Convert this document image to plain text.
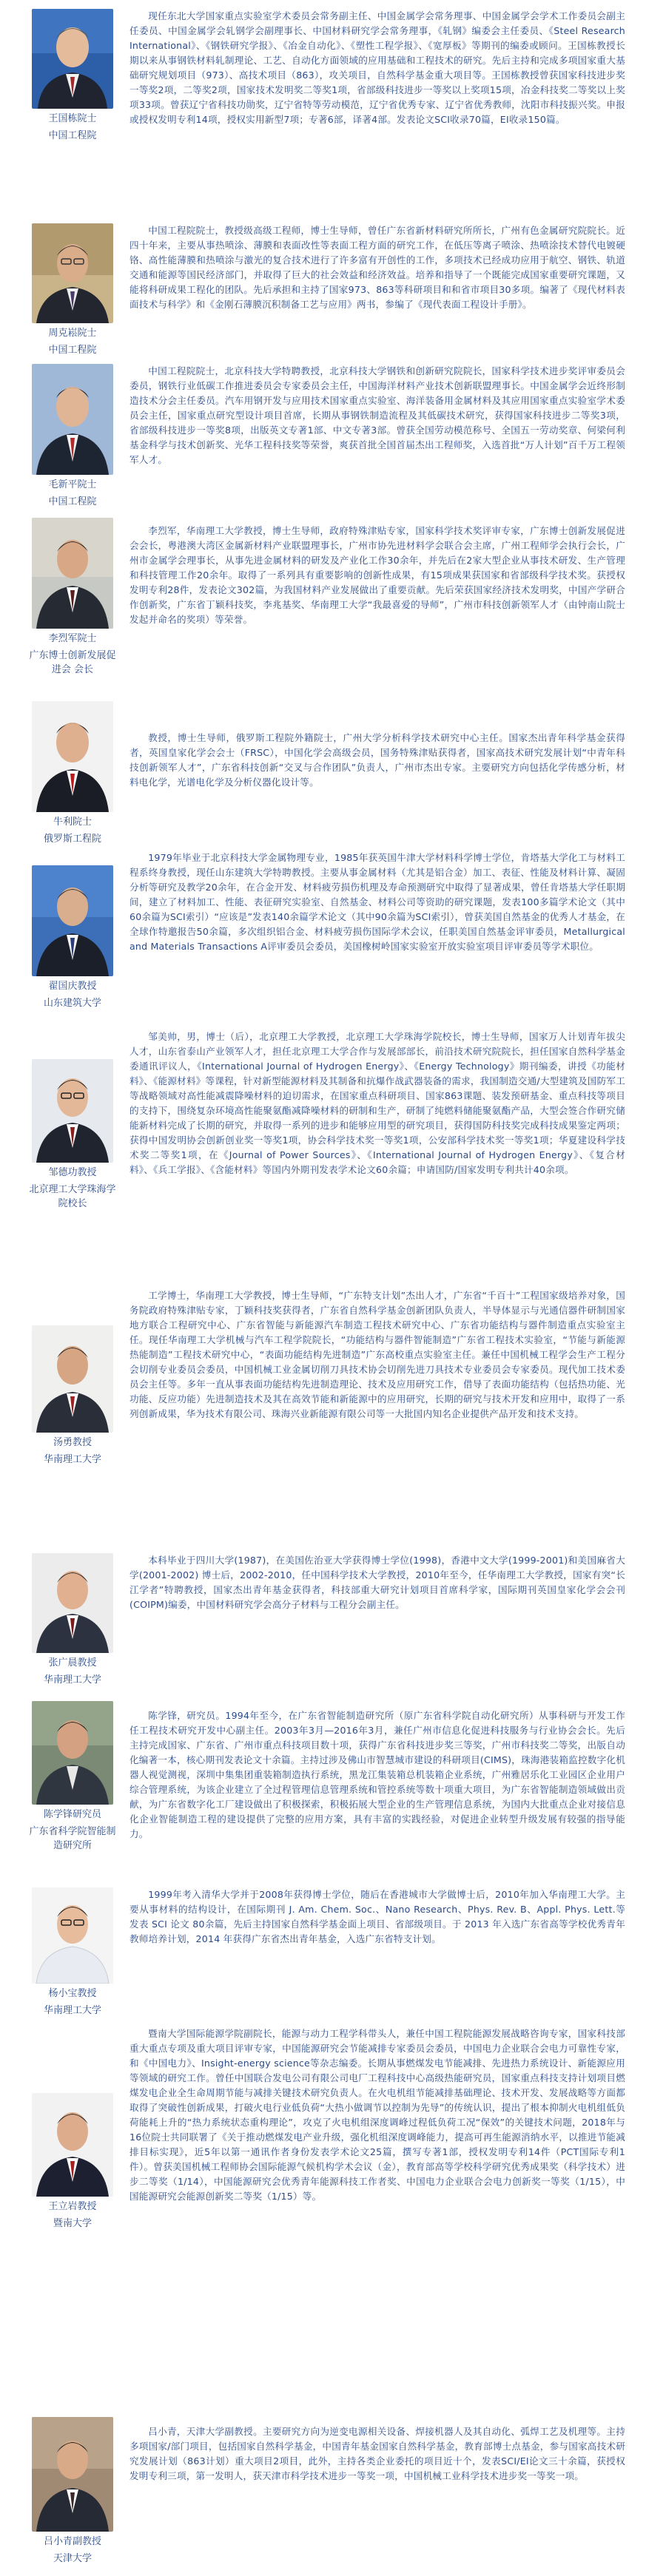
王国栋院士
中国工程院

现任东北大学国家重点实验室学术委员会常务副主任、中国金属学会常务理事、中国金属学会学术工作委员会副主任委员、中国金属学会轧钢学会副理事长、中国材料研究学会常务理事，《轧钢》编委会主任委员、《Steel Research International》、《钢铁研究学报》、《冶金自动化》、《塑性工程学报》、《宽厚板》等期刊的编委或顾问。王国栋教授长期以来从事钢铁材料轧制理论、工艺、自动化方面领域的应用基础和工程技术的研究。先后主持和完成多项国家重大基础研究规划项目（973）、高技术项目（863），攻关项目，自然科学基金重大项目等。王国栋教授曾获国家科技进步奖一等奖2项，二等奖2项，国家技术发明奖二等奖1项，省部级科技进步一等奖以上奖项15项，冶金科技奖二等奖以上奖项33项。曾获辽宁省科技功勋奖，辽宁省特等劳动模范，辽宁省优秀专家、辽宁省优秀教师，沈阳市科技振兴奖。申报或授权发明专利14项，授权实用新型7项；专著6部，译著4部。发表论文SCI收录70篇，EI收录150篇。

周克崧院士
中国工程院

中国工程院院士，教授级高级工程师，博士生导师，曾任广东省新材料研究所所长，广州有色金属研究院院长。近四十年来，主要从事热喷涂、薄膜和表面改性等表面工程方面的研究工作，在低压等离子喷涂、热喷涂技术替代电镀硬铬、高性能薄膜和热喷涂与激光的复合技术进行了许多富有开创性的工作，多项技术已经成功应用于航空、钢铁、轨道交通和能源等国民经济部门，并取得了巨大的社会效益和经济效益。培养和指导了一个既能完成国家重要研究课题，又能将科研成果工程化的团队。先后承担和主持了国家973、863等科研项目和和省市项目30多项。编著了《现代材料表面技术与科学》和《金刚石薄膜沉积制备工艺与应用》两书，参编了《现代表面工程设计手册》。

毛新平院士
中国工程院

中国工程院院士，北京科技大学特聘教授，北京科技大学钢铁和创新研究院院长，国家科学技术进步奖评审委员会委员，钢铁行业低碳工作推进委员会专家委员会主任，中国海洋材料产业技术创新联盟理事长。中国金属学会近终形制造技术分会主任委员。汽车用钢开发与应用技术国家重点实验室、海洋装备用金属材料及其应用国家重点实验室学术委员会主任，国家重点研究型设计项目首席，长期从事钢铁制造流程及其低碳技术研究，获得国家科技进步二等奖3项，省部级科技进步一等奖8项，出版英文专著1部、中文专著3部。曾获全国劳动模范称号、全国五一劳动奖章、何梁何利基金科学与技术创新奖、光华工程科技奖等荣誉，爽获首批全国首届杰出工程师奖，入选首批“万人计划”百千万工程领军人才。

李烈军院士
广东博士创新发展促进会 会长

李烈军，华南理工大学教授，博士生导师，政府特殊津贴专家，国家科学技术奖评审专家，广东博士创新发展促进会会长，粤港澳大湾区金属新材料产业联盟理事长，广州市协先进材料学会联合会主席，广州工程师学会执行会长，广州市金属学会理事长，从事先进金属材料的研发及产业化工作30余年，并先后在2家大型企业从事技术研发、生产管理和科技管理工作20余年。取得了一系列具有重要影响的创新性成果，有15项成果获国家和省部级科学技术奖。获授权发明专利28件，发表论文302篇，为我国材料产业发展做出了重要贡献。先后荣获国家经济技术发明奖，中国产学研合作创新奖，广东省丁颖科技奖，李兆基奖、华南理工大学“我最喜爱的导师”，广州市科技创新领军人才（由钟南山院士发起并命名的奖项）等荣誉。

牛利院士
俄罗斯工程院

教授，博士生导师，俄罗斯工程院外籍院士，广州大学分析科学技术研究中心主任。国家杰出青年科学基金获得者，英国皇家化学会会士（FRSC），中国化学会高级会员，国务特殊津贴获得者，国家高技术研究发展计划“中青年科技创新领军人才”，广东省科技创新“交叉与合作团队”负责人，广州市杰出专家。主要研究方向包括化学传感分析，材料电化学，光谱电化学及分析仪器化设计等。

翟国庆教授
山东建筑大学

1979年毕业于北京科技大学金属物理专业，1985年获英国牛津大学材料科学博士学位，肯塔基大学化工与材料工程系终身教授，现任山东建筑大学特聘教授。主要从事金属材料（尤其是铝合金）加工、表征、性能及材料计算、凝固分析等研究及教学20余年，在合金开发、材料疲劳损伤机理及寿命预测研究中取得了显著成果，曾任肯塔基大学任职期间，建立了材料加工、性能、表征研究实验室、自然基金、材料公司等资助的研究课题，发表100多篇学术论文（其中60余篇为SCI索引）“应该是”发表140余篇学术论文（其中90余篇为SCI索引），曾获美国自然基金的优秀人才基金，在全球作特邀报告50余篇，多次组织铝合金、材料疲劳损伤国际学术会议，任职美国自然基金评审委员，Metallurgical and Materials Transactions A评审委员会委员，美国橡树岭国家实验室开放实验室项目评审委员等学术职位。

邹德功教授
北京理工大学珠海学院校长

邹美帅，男，博士（后），北京理工大学教授，北京理工大学珠海学院校长，博士生导师，国家万人计划青年拔尖人才，山东省泰山产业领军人才，担任北京理工大学合作与发展部部长，前沿技术研究院院长，担任国家自然科学基金委通讯评议人，《International Journal of Hydrogen Energy》、《Energy Technology》期刊编委，讲授《功能材料》、《能源材料》等课程，针对新型能源材料及其制备和抗爆作战武器装备的需求，我国制造交通/大型建筑及国防军工等战略领域对高性能减震降噪材料的迫切需求，在国家重点科研项目、国家863课题、装发预研基金、重点科技等项目的支持下，围绕复杂环境高性能聚氨酯减降噪材料的研制和生产，研制了纯燃料储能聚氨酯产品，大型会签合作研究储能新材料完成了长期的研究，并取得一系列的进步和能够应用型的研究项目，获得国防科技奖完成科技成果鉴定两项；获得中国发明协会创新创业奖一等奖1项，协会科学技术奖一等奖1项，公安部科学技术奖一等奖1项；华夏建设科学技术奖二等奖1项，在《Journal of Power Sources》、《International Journal of Hydrogen Energy》、《复合材料》、《兵工学报》、《含能材料》等国内外期刊发表学术论文60余篇；申请国防/国家发明专利共计40余项。

汤勇教授
华南理工大学

工学博士，华南理工大学教授，博士生导师，“广东特支计划”杰出人才，广东省“千百十”工程国家级培养对象，国务院政府特殊津贴专家，丁颖科技奖获得者，广东省自然科学基金创新团队负责人，半导体显示与光通信器件研制国家地方联合工程研究中心、广东省智能与新能源汽车制造工程技术研究中心、广东省功能结构与器件制造重点实验室主任。现任华南理工大学机械与汽车工程学院院长，“功能结构与器件智能制造”广东省工程技术实验室，“节能与新能源热能制造”工程技术研究中心，“表面功能结构先进制造”广东高校重点实验室主任。兼任中国机械工程学会生产工程分会切削专业委员会委员，中国机械工业金属切削刀具技术协会切削先进刀具技术专业委员会专家委员。现代加工技术委员会主任等。多年一直从事表面功能结构先进制造理论、技术及应用研究工作，借导了表面功能结构（包括热功能、光功能、反应功能）先进制造技术及其在高效节能和新能源中的应用研究，长期的研究与技术开发和应用中，取得了一系列创新成果，华为技术有限公司、珠海兴业新能源有限公司等一大批国内知名企业提供产品开发和技术支持。

张广晨教授
华南理工大学

本科毕业于四川大学(1987)，在美国佐治亚大学获得博士学位(1998)，香港中文大学(1999-2001)和美国麻省大学(2001-2002) 博士后，2002-2010，任中国科学技术大学教授，2010年至今，任华南理工大学教授，国家有突“长江学者”特聘教授，国家杰出青年基金获得者，科技部重大研究计划项目首席科学家，国际期刊英国皇家化学会会刊(COIPM)编委，中国材料研究学会高分子材料与工程分会副主任。

陈学锋研究员
广东省科学院智能制造研究所

陈学锋，研究员。1994年至今，在广东省智能制造研究所（原广东省科学院自动化研究所）从事科研与开发工作任工程技术研究开发中心副主任。2003年3月—2016年3月，兼任广州市信息化促进科技服务与行业协会会长。先后主持完成国家、广东省、广州市重点科技项目数十项，获得广东省科技进步奖三等奖，广州市科技奖二等奖，出版自动化编著一本，核心期刊发表论文十余篇。主持过涉及佛山市智慧城市建设的科研项目(CIMS)，珠海港装箱监控数字化机器人视觉测视，深圳中集集团重装箱制造执行系统，黑龙江集装箱总机装箱企业系统，广州雅居乐化工业园区企业用户综合管理系统，为该企业建立了全过程管理信息管理系统和管控系统等数十项重大项目，为广东省智能制造领域做出贡献，为广东省数字化工厂建设做出了积极探索，积极拓展大型企业的生产管理信息系统，为国内大批重点企业对接信息化企业智能制造工程的建设提供了完整的应用方案，具有丰富的实践经验，对促进企业转型升级发展有较强的指导能力。

杨小宝教授
华南理工大学

1999年考入清华大学并于2008年获得博士学位，随后在香港城市大学做博士后，2010年加入华南理工大学。主要从事材料的结构设计，在国际期刊 J. Am. Chem. Soc.、Nano Research、Phys. Rev. B、Appl. Phys. Lett.等发表 SCI 论文 80余篇，先后主持国家自然科学基金面上项目、省部级项目。于 2013 年入选广东省高等学校优秀青年教师培养计划，2014 年获得广东省杰出青年基金，入选广东省特支计划。

王立岩教授
暨南大学

暨南大学国际能源学院副院长，能源与动力工程学科带头人，兼任中国工程院能源发展战略咨询专家，国家科技部重大重点专项及重大项目评审专家，中国能源研究会节能减排专家委员会委员，中国电力企业联合会电力可靠性专家，和《中国电力》、Insight-energy science等杂志编委。长期从事燃煤发电节能减排、先进热力系统设计、新能源应用等领域的研究工作。曾任中国联合发电公司有限公司电厂工程科技中心高级热能研究员，国家重点科技支持计划项目燃煤发电企业全生命周期节能与减排关键技术研究负责人。在火电机组节能减排基础理论、技术开发、发展战略等方面都取得了突破性创新成果，打破火电行业低负荷“大热小做调节以控制为先导”的传统认识，提出了根本抑制火电机组低负荷能耗上升的“热力系统状态重构理论”，攻克了火电机组深度调峰过程低负荷工况“保效”的关键技术问题，2018年与16位院士共同联署了《关于推动燃煤发电产业升级，强化机组深度调峰能力，提高可再生能源消纳水平，以推进节能减排目标实现》，近5年以第一通讯作者身份发表学术论文25篇，撰写专著1部，授权发明专利14件（PCT国际专利1件）。曾获美国机械工程师协会国际能源气候机构学术会议（金），教育部高等学校科学研究优秀成果奖（科学技术）进步二等奖（1/14），中国能源研究会优秀青年能源科技工作者奖、中国电力企业联合会电力创新奖一等奖（1/15），中国能源研究会能源创新奖二等奖（1/15）等。

吕小青副教授
天津大学

吕小青，天津大学副教授。主要研究方向为逆变电源相关设备、焊接机器人及其自动化、弧焊工艺及机理等。主持多项国家/部门项目，包括国家自然科学基金，中国青年基金国家自然科学基金，教育部博士点基金，参与国家高技术研究发展计划（863计划）重大项目2项目，此外，主持各类企业委托的项目近十个，发表SCI/EI论文三十余篇，获授权发明专利三项，第一发明人，获天津市科学技术进步一等奖一项，中国机械工业科学技术进步奖一等奖一项。
